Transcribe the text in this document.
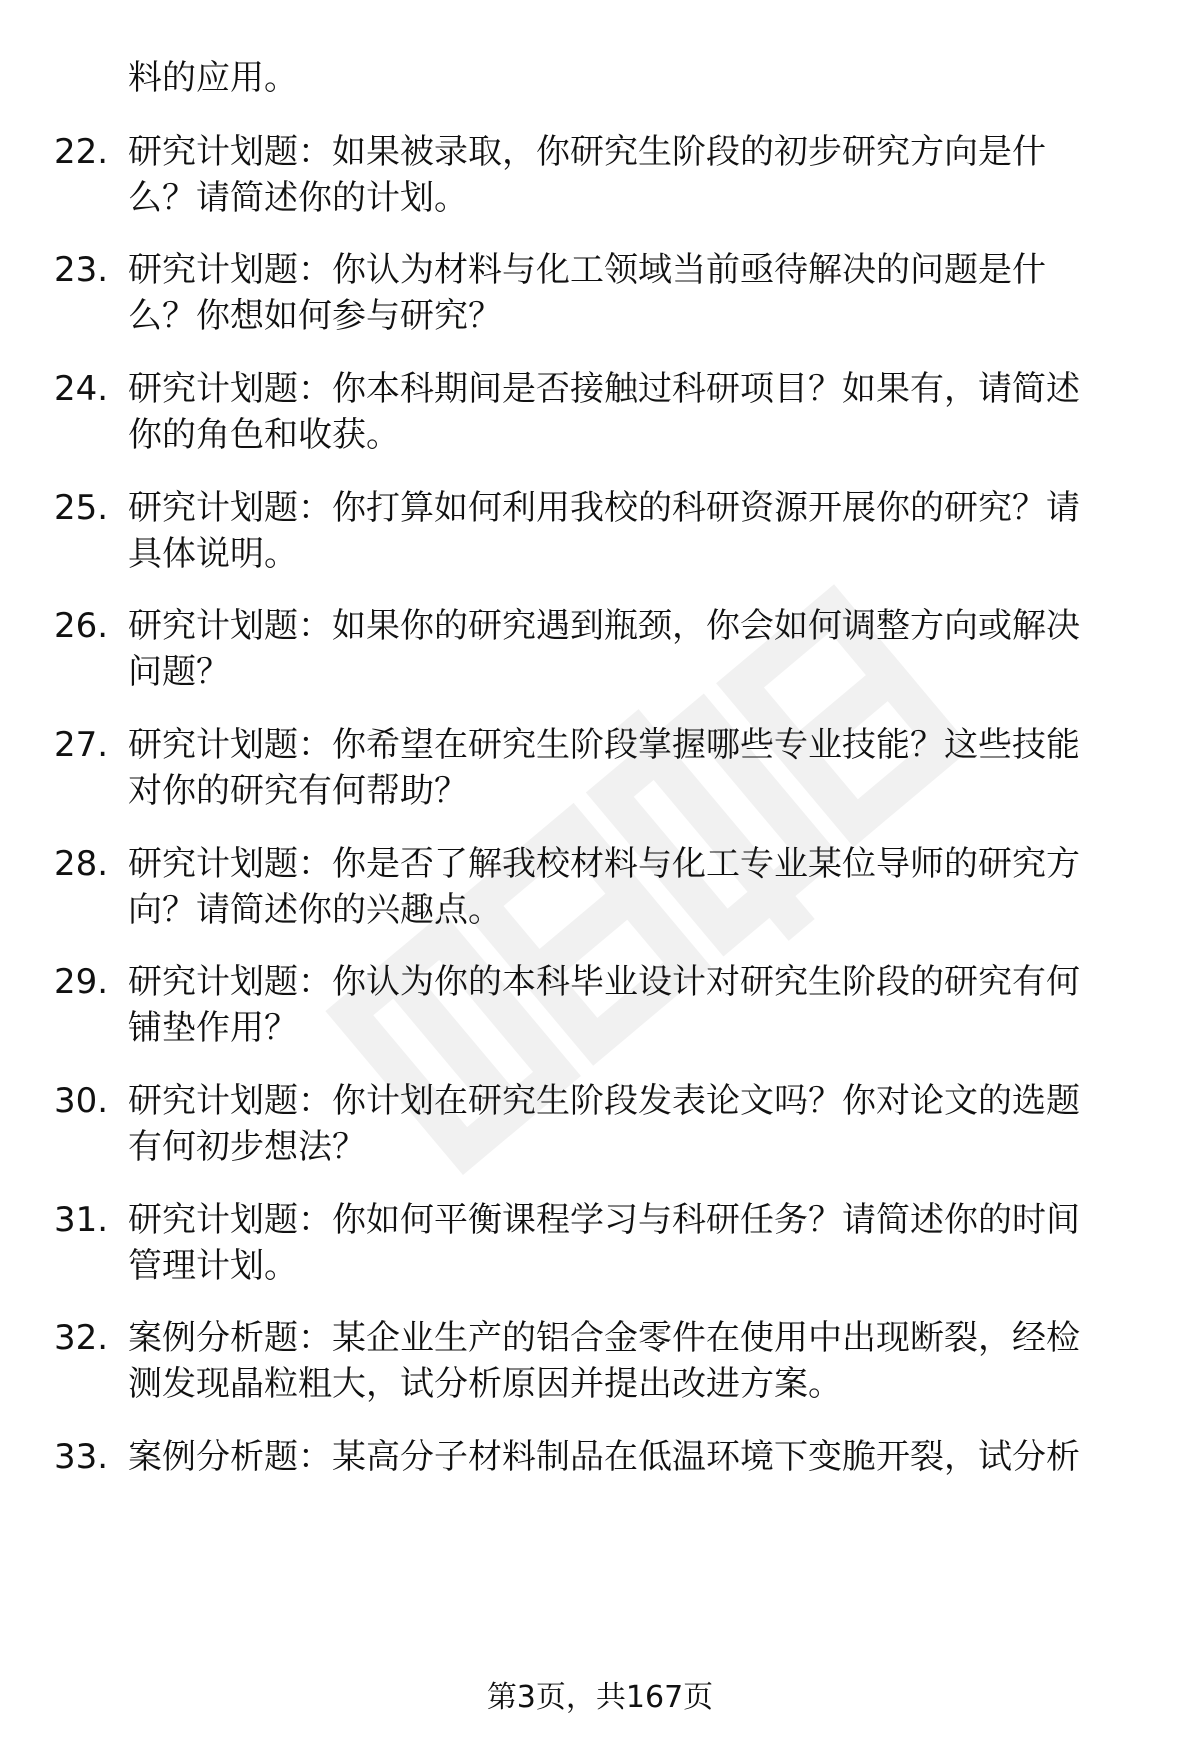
料的应用。
22. 研究计划题：如果被录取，你研究生阶段的初步研究方向是什
么？请简述你的计划。
23. 研究计划题：你认为材料与化工领域当前亟待解决的问题是什
么？你想如何参与研究？
24. 研究计划题：你本科期间是否接触过科研项目？如果有，请简述
你的角色和收获。
25. 研究计划题：你打算如何利用我校的科研资源开展你的研究？请
具体说明。
26. 研究计划题：如果你的研究遇到瓶颈，你会如何调整方向或解决
问题？
27. 研究计划题：你希望在研究生阶段掌握哪些专业技能？这些技能
对你的研究有何帮助？
28. 研究计划题：你是否了解我校材料与化工专业某位导师的研究方
向？请简述你的兴趣点。
29. 研究计划题：你认为你的本科毕业设计对研究生阶段的研究有何
铺垫作用？
30. 研究计划题：你计划在研究生阶段发表论文吗？你对论文的选题
有何初步想法？
31. 研究计划题：你如何平衡课程学习与科研任务？请简述你的时间
管理计划。
32. 案例分析题：某企业生产的铝合金零件在使用中出现断裂，经检
测发现晶粒粗大，试分析原因并提出改进方案。
33. 案例分析题：某高分子材料制品在低温环境下变脆开裂，试分析
第3页，共167页
